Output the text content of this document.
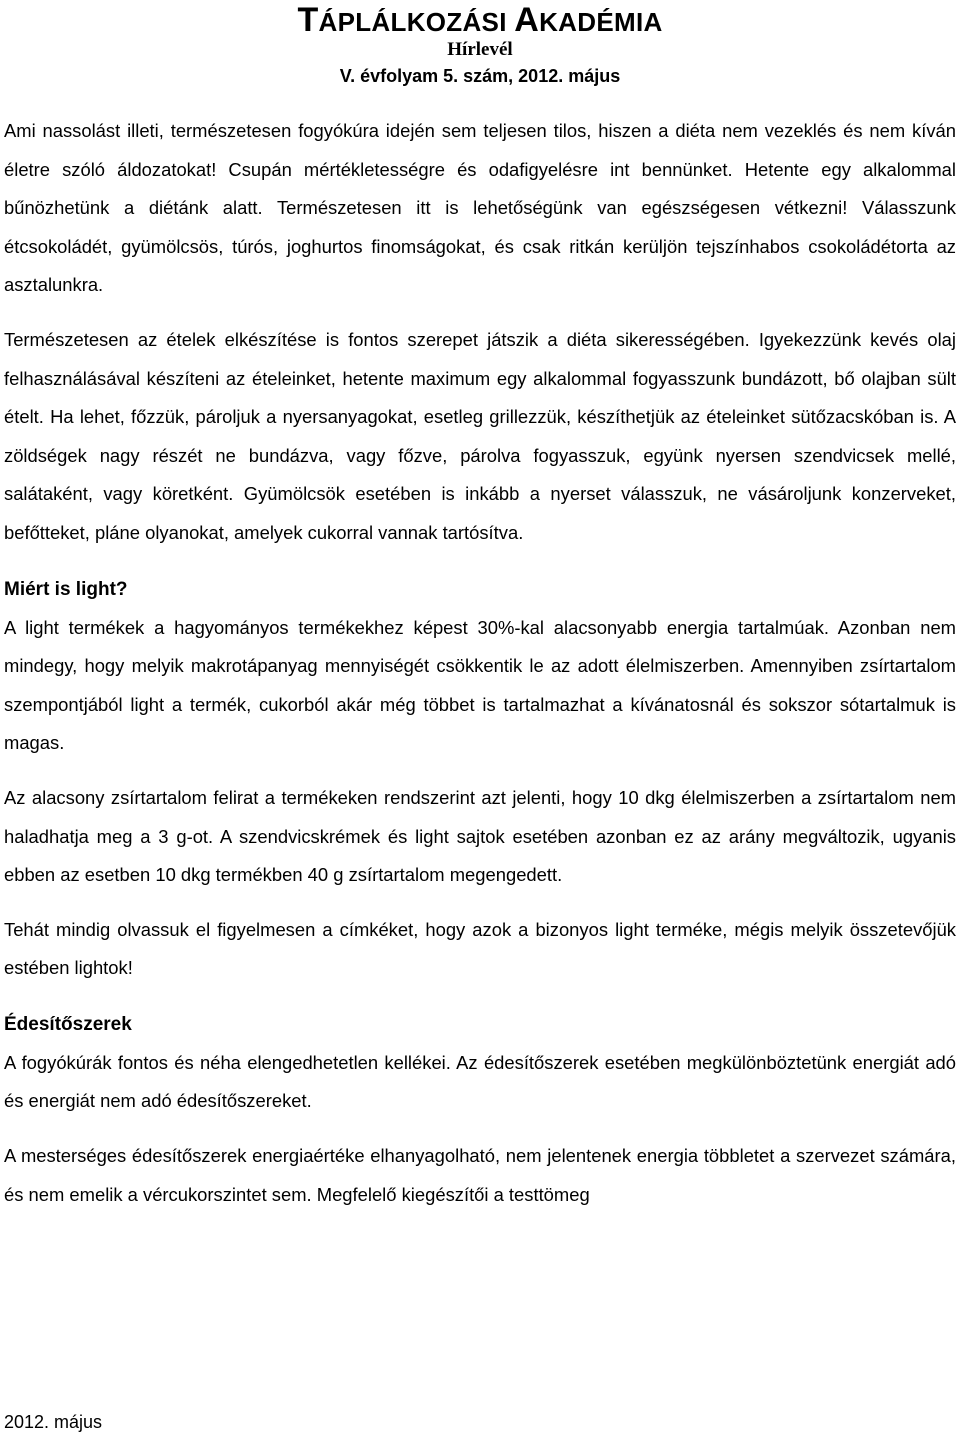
TÁPLÁLKOZÁSI AKADÉMIA
Hírlevél
V. évfolyam 5. szám, 2012. május

Ami nassolást illeti, természetesen fogyókúra idején sem teljesen tilos, hiszen a diéta nem vezeklés és nem kíván életre szóló áldozatokat! Csupán mértékletességre és odafigyelésre int bennünket. Hetente egy alkalommal bűnözhetünk a diétánk alatt. Természetesen itt is lehetőségünk van egészségesen vétkezni! Válasszunk étcsokoládét, gyümölcsös, túrós, joghurtos finomságokat, és csak ritkán kerüljön tejszínhabos csokoládétorta az asztalunkra.

Természetesen az ételek elkészítése is fontos szerepet játszik a diéta sikerességében. Igyekezzünk kevés olaj felhasználásával készíteni az ételeinket, hetente maximum egy alkalommal fogyasszunk bundázott, bő olajban sült ételt. Ha lehet, főzzük, pároljuk a nyersanyagokat, esetleg grillezzük, készíthetjük az ételeinket sütőzacskóban is. A zöldségek nagy részét ne bundázva, vagy főzve, párolva fogyasszuk, együnk nyersen szendvicsek mellé, salátaként, vagy köretként. Gyümölcsök esetében is inkább a nyerset válasszuk, ne vásároljunk konzerveket, befőtteket, pláne olyanokat, amelyek cukorral vannak tartósítva.

Miért is light?

A light termékek a hagyományos termékekhez képest 30%-kal alacsonyabb energia tartalmúak. Azonban nem mindegy, hogy melyik makrotápanyag mennyiségét csökkentik le az adott élelmiszerben. Amennyiben zsírtartalom szempontjából light a termék, cukorból akár még többet is tartalmazhat a kívánatosnál és sokszor sótartalmuk is magas.

Az alacsony zsírtartalom felirat a termékeken rendszerint azt jelenti, hogy 10 dkg élelmiszerben a zsírtartalom nem haladhatja meg a 3 g-ot. A szendvicskrémek és light sajtok esetében azonban ez az arány megváltozik, ugyanis ebben az esetben 10 dkg termékben 40 g zsírtartalom megengedett.

Tehát mindig olvassuk el figyelmesen a címkéket, hogy azok a bizonyos light terméke, mégis melyik összetevőjük estében lightok!

Édesítőszerek

A fogyókúrák fontos és néha elengedhetetlen kellékei. Az édesítőszerek esetében megkülönböztetünk energiát adó és energiát nem adó édesítőszereket.

A mesterséges édesítőszerek energiaértéke elhanyagolható, nem jelentenek energia többletet a szervezet számára, és nem emelik a vércukorszintet sem. Megfelelő kiegészítői a testtömeg

2012. május
